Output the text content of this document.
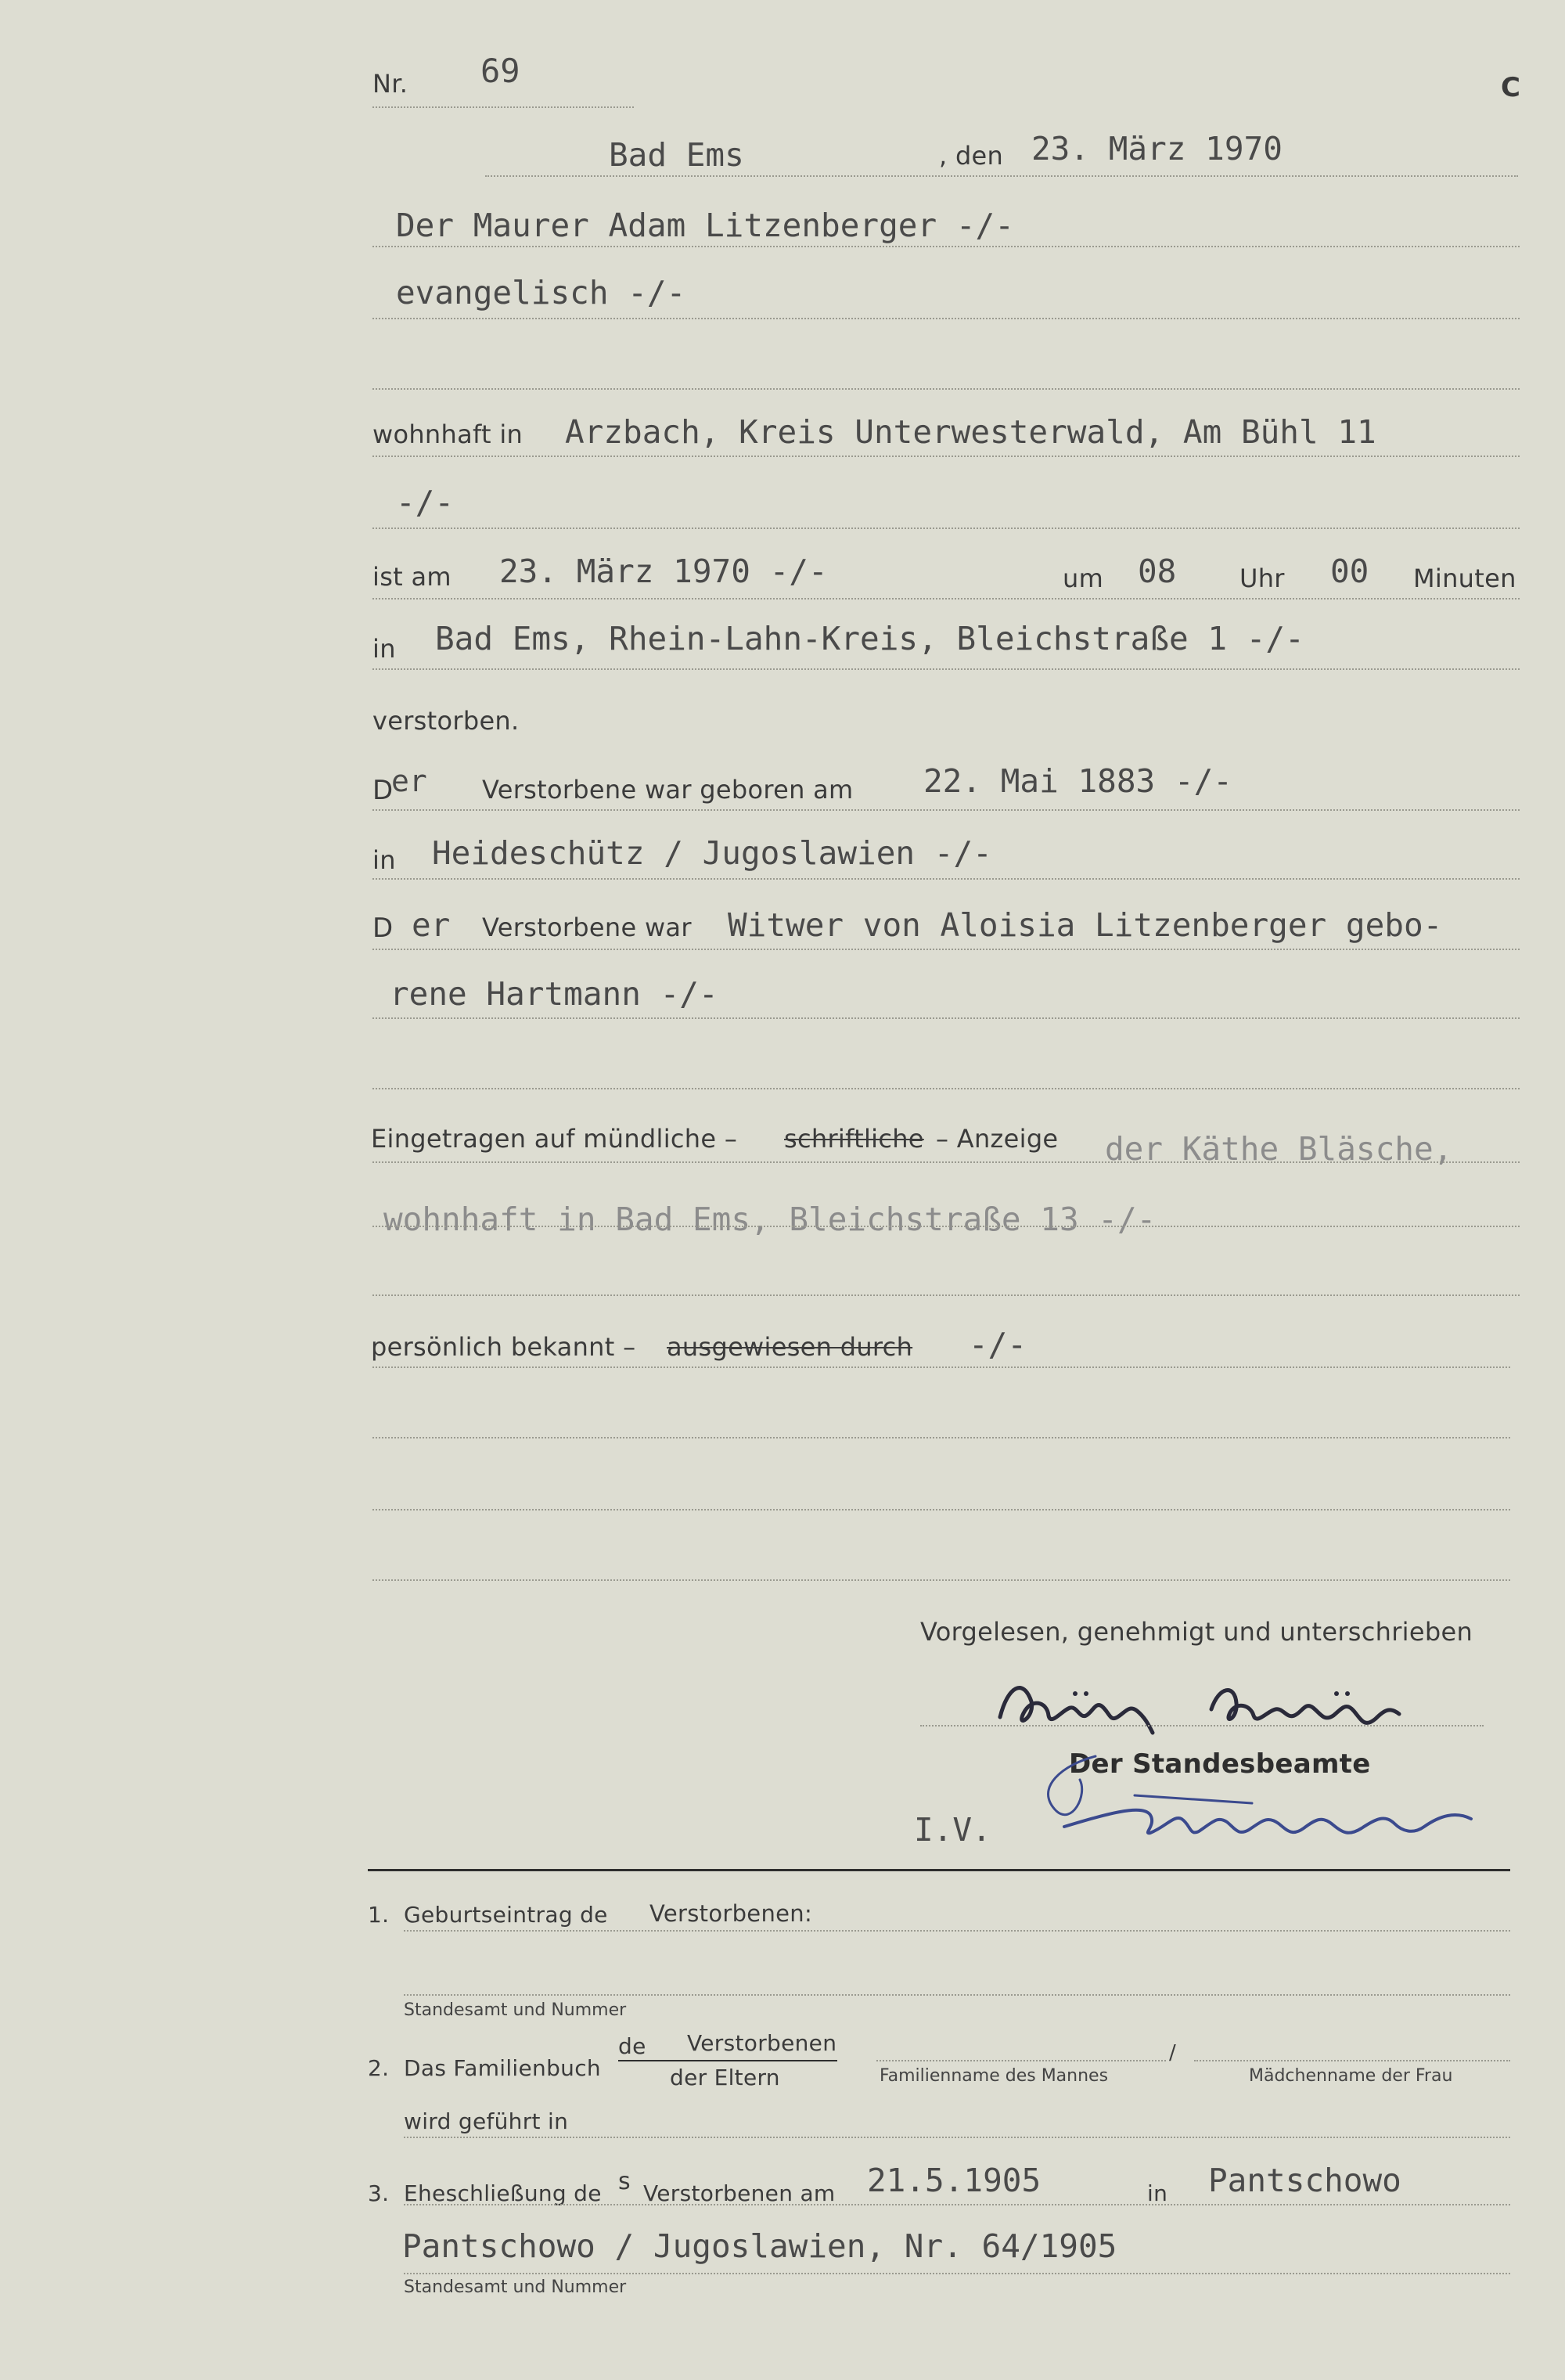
Nr. 69	C
Bad Ems	, den 23. März 1970
Der Maurer Adam Litzenberger -/-
evangelisch -/-
wohnhaft in Arzbach, Kreis Unterwesterwald, Am Bühl 11
-/-
ist am 23. März 1970 -/-	um 08	Uhr 00 Minuten
in Bad Ems, Rhein-Lahn-Kreis, Bleichstraße 1 -/-
verstorben.
D
er Verstorbene war geboren am 22. Mai 1883 -/-
in Heideschütz / Jugoslawien -/-
D er Verstorbene war Witwer von Aloisia Litzenberger gebo-
rene Hartmann -/-
Eingetragen auf mündliche – schriftliche – Anzeige der Käthe Bläsche,
wohnhaft in Bad Ems, Bleichstraße 13 -/-
persönlich bekannt – ausgewiesen durch -/-
Vorgelesen, genehmigt und unterschrieben
Käthe Bläsche
Der Standesbeamte
I.V.
1. Geburtseintrag de Verstorbenen:
Standesamt und Nummer
2. Das Familienbuch
de Verstorbenen
der Eltern	Familienname des Mannes
/
Mädchenname der Frau
wird geführt in
3. Eheschließung de s Verstorbenen am 21.5.1905	in Pantschowo
Pantschowo / Jugoslawien, Nr. 64/1905
Standesamt und Nummer
